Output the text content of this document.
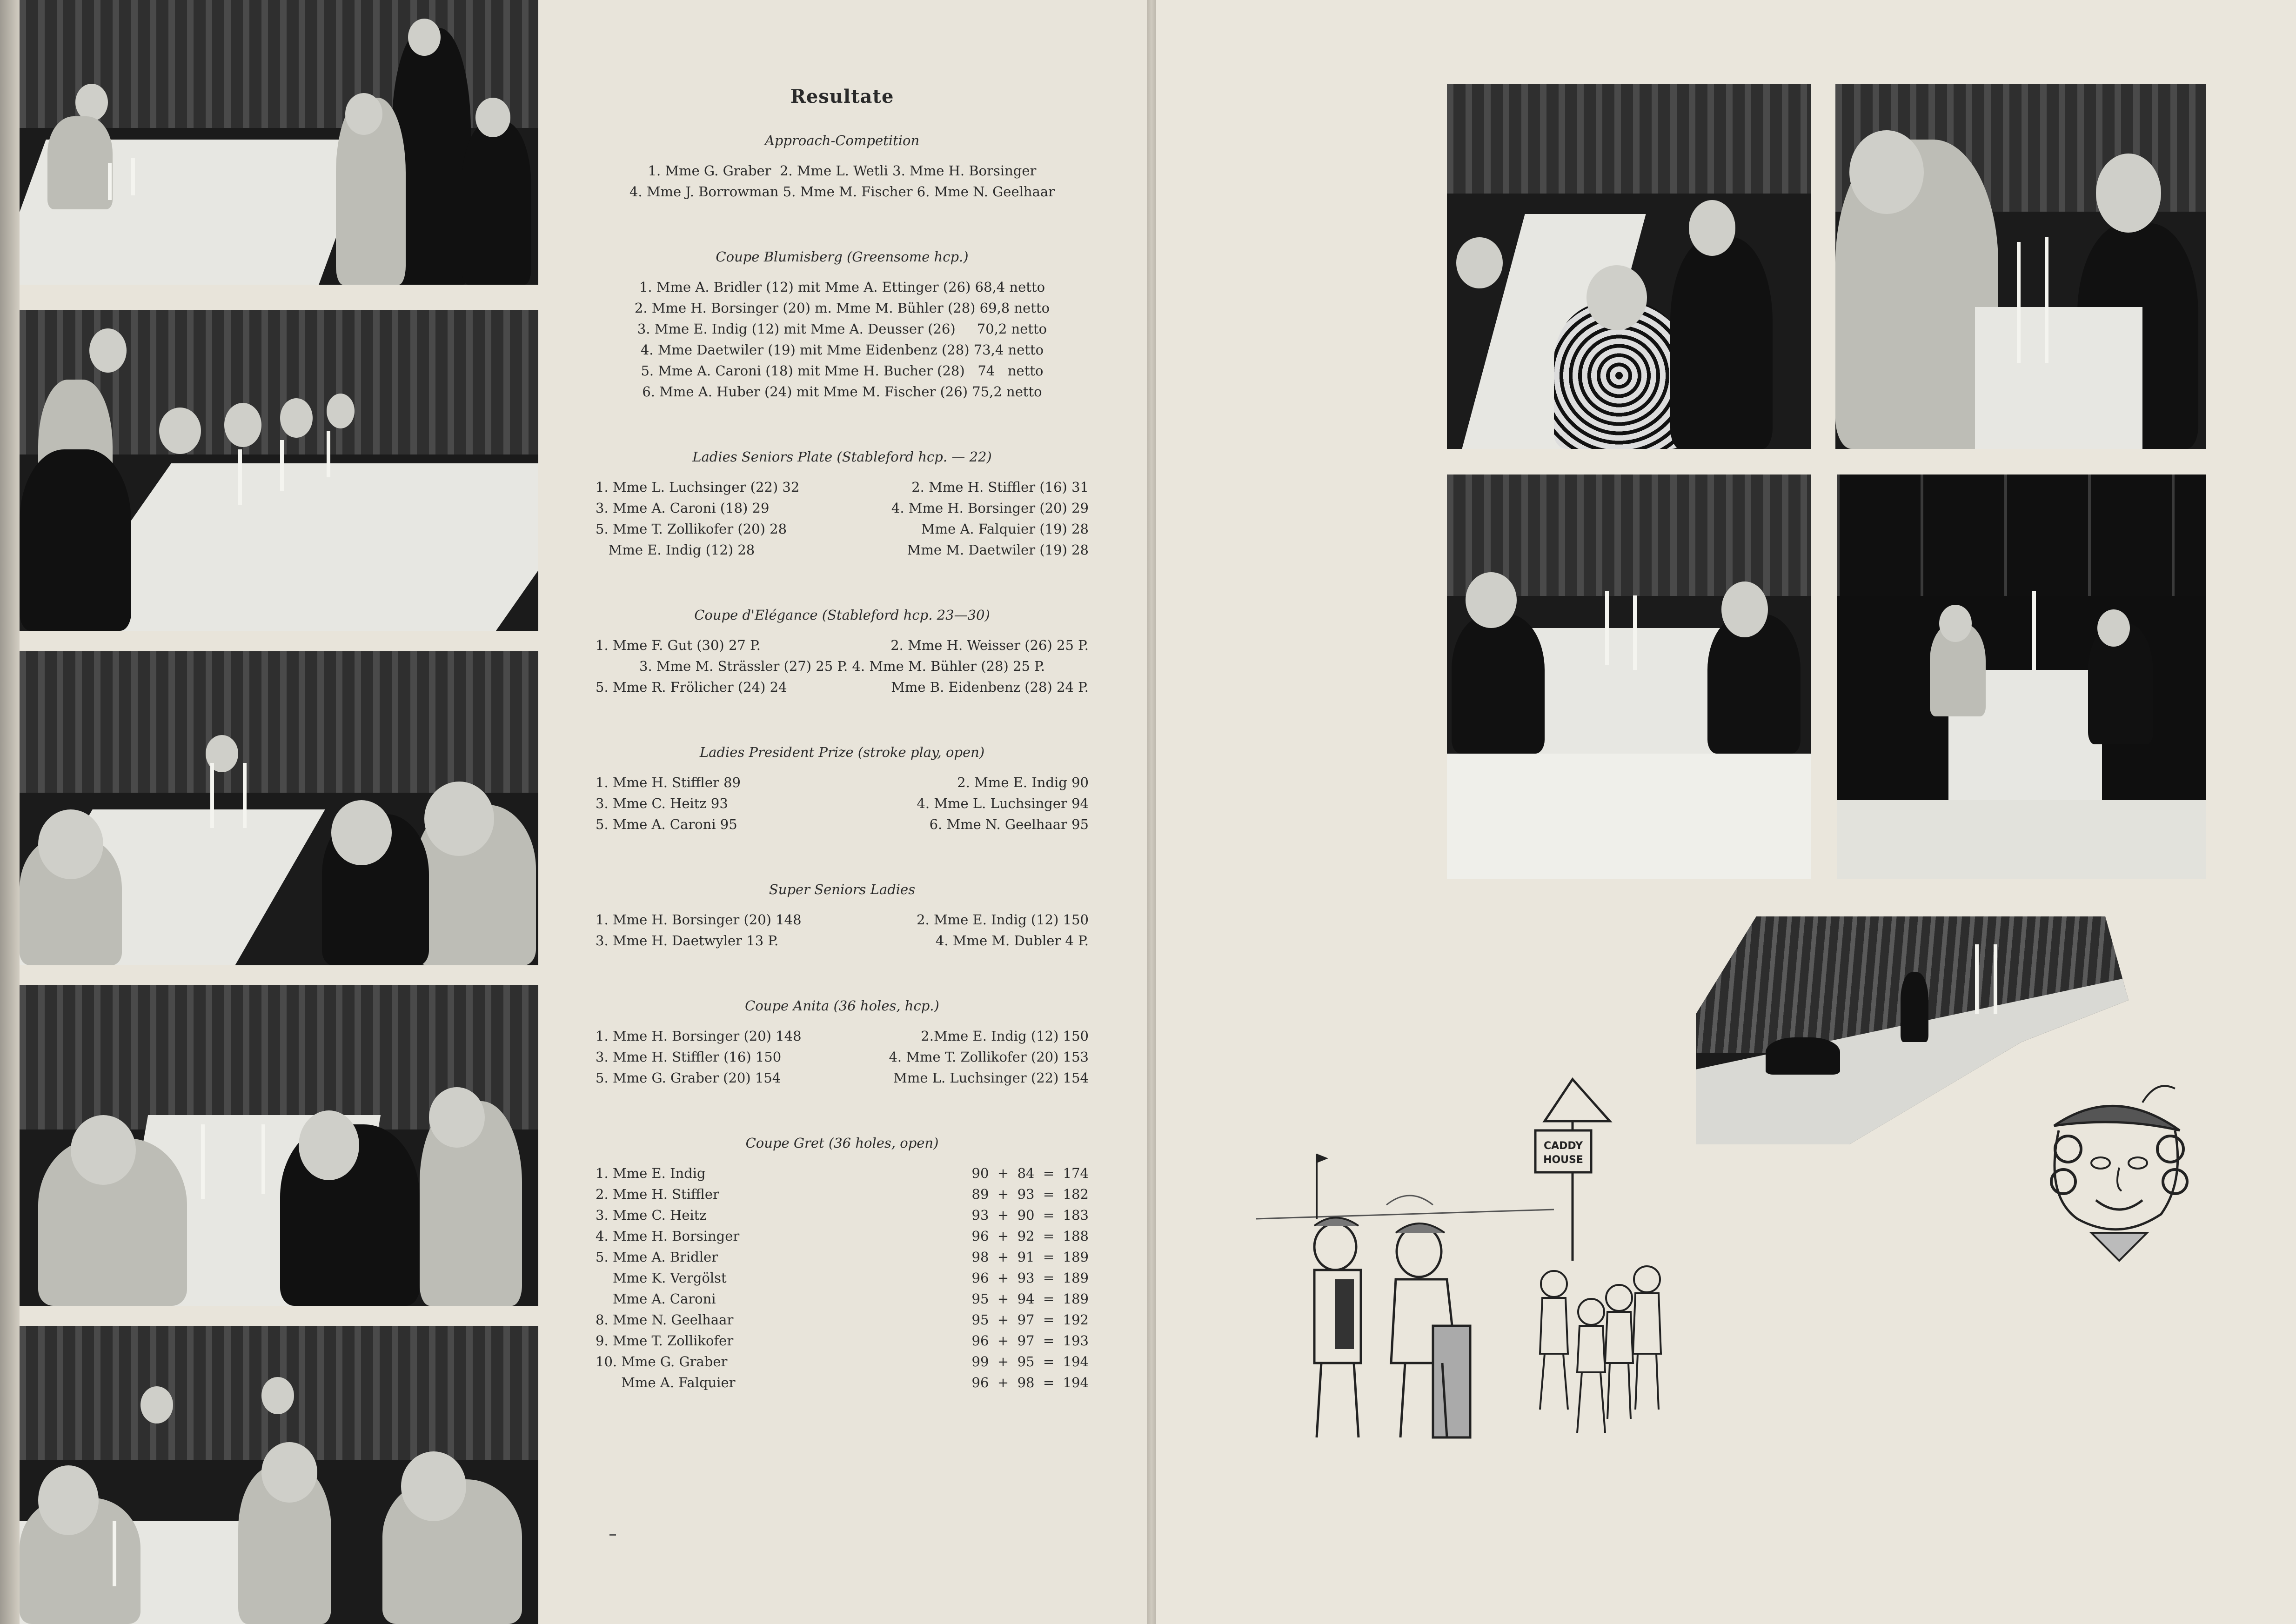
Resultate
Approach-Competition
1. Mme G. Graber  2. Mme L. Wetli 3. Mme H. Borsinger
4. Mme J. Borrowman 5. Mme M. Fischer 6. Mme N. Geelhaar
Coupe Blumisberg (Greensome hcp.)
1. Mme A. Bridler (12) mit Mme A. Ettinger (26) 68,4 netto
2. Mme H. Borsinger (20) m. Mme M. Bühler (28) 69,8 netto
3. Mme E. Indig (12) mit Mme A. Deusser (26)     70,2 netto
4. Mme Daetwiler (19) mit Mme Eidenbenz (28) 73,4 netto
5. Mme A. Caroni (18) mit Mme H. Bucher (28)   74   netto
6. Mme A. Huber (24) mit Mme M. Fischer (26) 75,2 netto
Ladies Seniors Plate (Stableford hcp. — 22)
1. Mme L. Luchsinger (22) 32	2. Mme H. Stiffler (16) 31
3. Mme A. Caroni (18) 29	4. Mme H. Borsinger (20) 29
5. Mme T. Zollikofer (20) 28	Mme A. Falquier (19) 28
Mme E. Indig (12) 28	Mme M. Daetwiler (19) 28
Coupe d'Elégance (Stableford hcp. 23—30)
1. Mme F. Gut (30) 27 P.	2. Mme H. Weisser (26) 25 P.
3. Mme M. Strässler (27) 25 P. 4. Mme M. Bühler (28) 25 P.
5. Mme R. Frölicher (24) 24	Mme B. Eidenbenz (28) 24 P.
Ladies President Prize (stroke play, open)
1. Mme H. Stiffler 89	2. Mme E. Indig 90
3. Mme C. Heitz 93	4. Mme L. Luchsinger 94
5. Mme A. Caroni 95	6. Mme N. Geelhaar 95
Super Seniors Ladies
1. Mme H. Borsinger (20) 148	2. Mme E. Indig (12) 150
3. Mme H. Daetwyler 13 P.	4. Mme M. Dubler 4 P.
Coupe Anita (36 holes, hcp.)
1. Mme H. Borsinger (20) 148	2.Mme E. Indig (12) 150
3. Mme H. Stiffler (16) 150	4. Mme T. Zollikofer (20) 153
5. Mme G. Graber (20) 154	Mme L. Luchsinger (22) 154
Coupe Gret (36 holes, open)
1. Mme E. Indig	90  +  84  =  174
2. Mme H. Stiffler	89  +  93  =  182
3. Mme C. Heitz	93  +  90  =  183
4. Mme H. Borsinger	96  +  92  =  188
5. Mme A. Bridler	98  +  91  =  189
Mme K. Vergölst	96  +  93  =  189
Mme A. Caroni	95  +  94  =  189
8. Mme N. Geelhaar	95  +  97  =  192
9. Mme T. Zollikofer	96  +  97  =  193
10. Mme G. Graber	99  +  95  =  194
Mme A. Falquier	96  +  98  =  194
CADDY
HOUSE
